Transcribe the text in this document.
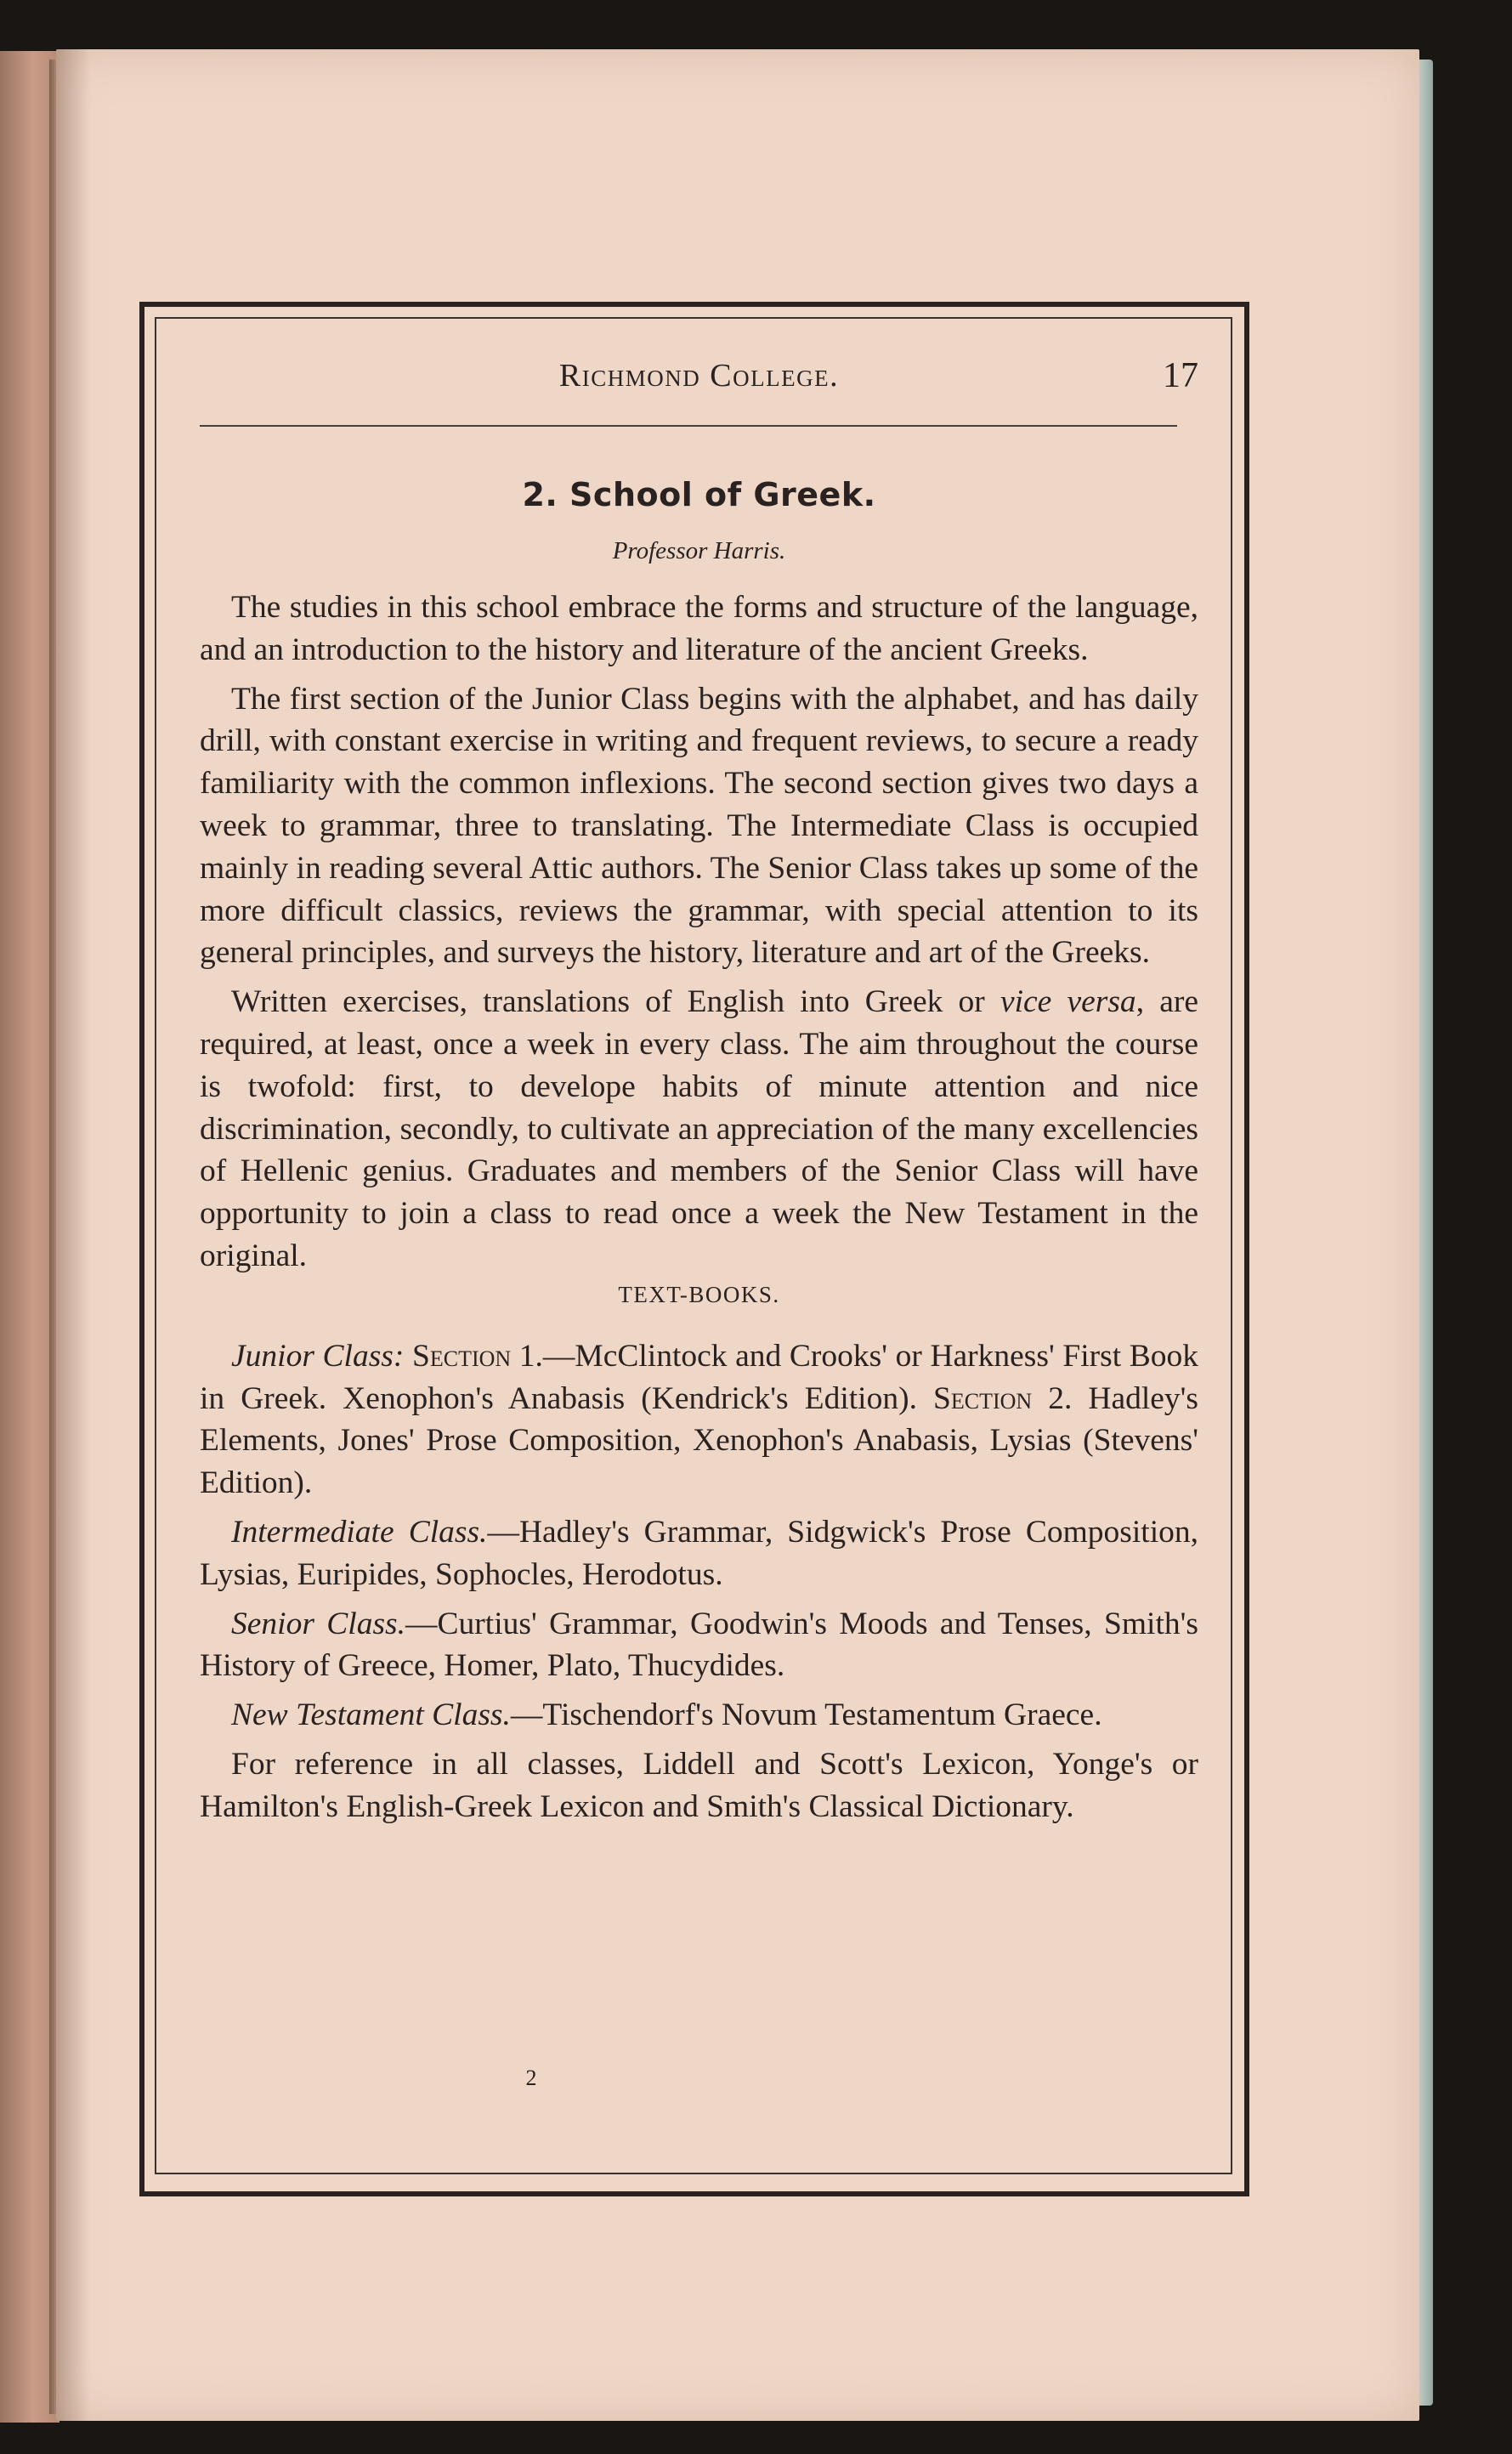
Richmond College.	17
2. School of Greek.
Professor Harris.

The studies in this school embrace the forms and structure of the language, and an introduction to the history and literature of the ancient Greeks.

The first section of the Junior Class begins with the alphabet, and has daily drill, with constant exercise in writing and frequent reviews, to secure a ready familiarity with the common inflexions. The second section gives two days a week to grammar, three to translating. The Intermediate Class is occupied mainly in reading several Attic authors. The Senior Class takes up some of the more difficult classics, reviews the grammar, with special attention to its general principles, and surveys the history, literature and art of the Greeks.

Written exercises, translations of English into Greek or vice versa, are required, at least, once a week in every class. The aim throughout the course is twofold: first, to develope habits of minute attention and nice discrimination, secondly, to cultivate an appreciation of the many excellencies of Hellenic genius. Graduates and members of the Senior Class will have opportunity to join a class to read once a week the New Testament in the original.

TEXT-BOOKS.

Junior Class: Section 1.—McClintock and Crooks' or Harkness' First Book in Greek. Xenophon's Anabasis (Kendrick's Edition). Section 2. Hadley's Elements, Jones' Prose Composition, Xenophon's Anabasis, Lysias (Stevens' Edition).

Intermediate Class.—Hadley's Grammar, Sidgwick's Prose Composition, Lysias, Euripides, Sophocles, Herodotus.

Senior Class.—Curtius' Grammar, Goodwin's Moods and Tenses, Smith's History of Greece, Homer, Plato, Thucydides.

New Testament Class.—Tischendorf's Novum Testamentum Graece.

For reference in all classes, Liddell and Scott's Lexicon, Yonge's or Hamilton's English-Greek Lexicon and Smith's Classical Dictionary.

2
